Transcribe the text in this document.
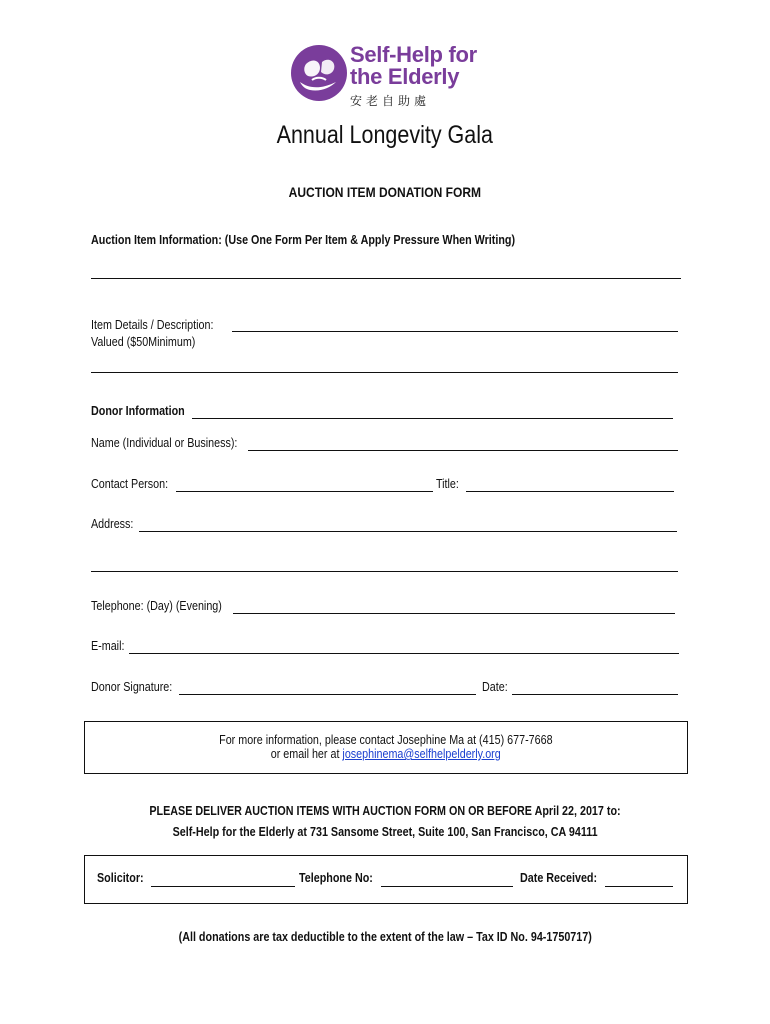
Self-Help for
the Elderly
安老自助處
Annual Longevity Gala
AUCTION ITEM DONATION FORM
Auction Item Information: (Use One Form Per Item & Apply Pressure When Writing)
Item Details / Description:
Valued ($50Minimum)
Donor Information
Name (Individual or Business):
Contact Person:	Title:
Address:
Telephone: (Day) (Evening)
E-mail:
Donor Signature:	Date:
For more information, please contact Josephine Ma at (415) 677-7668
or email her at josephinema@selfhelpelderly.org
PLEASE DELIVER AUCTION ITEMS WITH AUCTION FORM ON OR BEFORE April 22, 2017 to:
Self-Help for the Elderly at 731 Sansome Street, Suite 100, San Francisco, CA 94111
Solicitor:	Telephone No:	Date Received:
(All donations are tax deductible to the extent of the law – Tax ID No. 94-1750717)
